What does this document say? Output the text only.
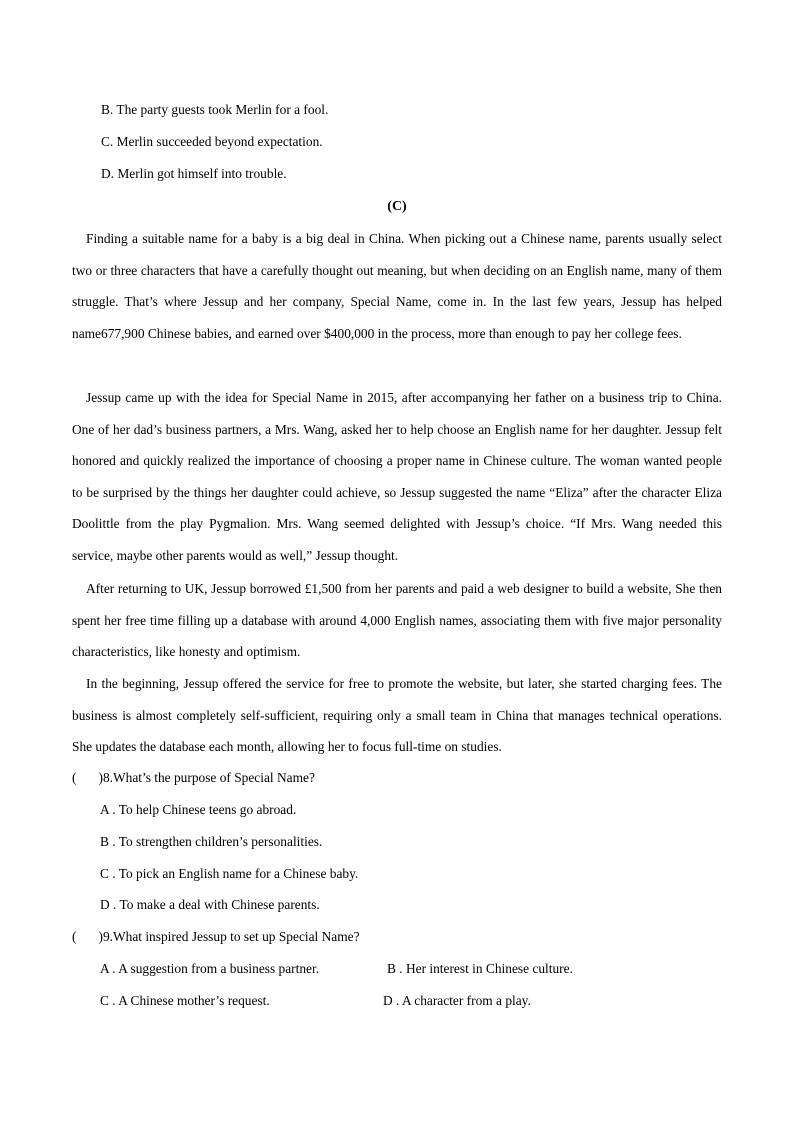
B. The party guests took Merlin for a fool.
C. Merlin succeeded beyond expectation.
D. Merlin got himself into trouble.
(C)

Finding a suitable name for a baby is a big deal in China. When picking out a Chinese name, parents usually select two or three characters that have a carefully thought out meaning, but when deciding on an English name, many of them struggle. That’s where Jessup and her company, Special Name, come in. In the last few years, Jessup has helped name677,900 Chinese babies, and earned over $400,000 in the process, more than enough to pay her college fees.

Jessup came up with the idea for Special Name in 2015, after accompanying her father on a business trip to China. One of her dad’s business partners, a Mrs. Wang, asked her to help choose an English name for her daughter. Jessup felt honored and quickly realized the importance of choosing a proper name in Chinese culture. The woman wanted people to be surprised by the things her daughter could achieve, so Jessup suggested the name “Eliza” after the character Eliza Doolittle from the play Pygmalion. Mrs. Wang seemed delighted with Jessup’s choice. “If Mrs. Wang needed this service, maybe other parents would as well,” Jessup thought.

After returning to UK, Jessup borrowed £1,500 from her parents and paid a web designer to build a website, She then spent her free time filling up a database with around 4,000 English names, associating them with five major personality characteristics, like honesty and optimism.

In the beginning, Jessup offered the service for free to promote the website, but later, she started charging fees. The business is almost completely self-sufficient, requiring only a small team in China that manages technical operations. She updates the database each month, allowing her to focus full-time on studies.

( )8.What’s the purpose of Special Name?
A . To help Chinese teens go abroad.
B . To strengthen children’s personalities.
C . To pick an English name for a Chinese baby.
D . To make a deal with Chinese parents.
( )9.What inspired Jessup to set up Special Name?
A . A suggestion from a business partner.	B . Her interest in Chinese culture.
C . A Chinese mother’s request.	D . A character from a play.
